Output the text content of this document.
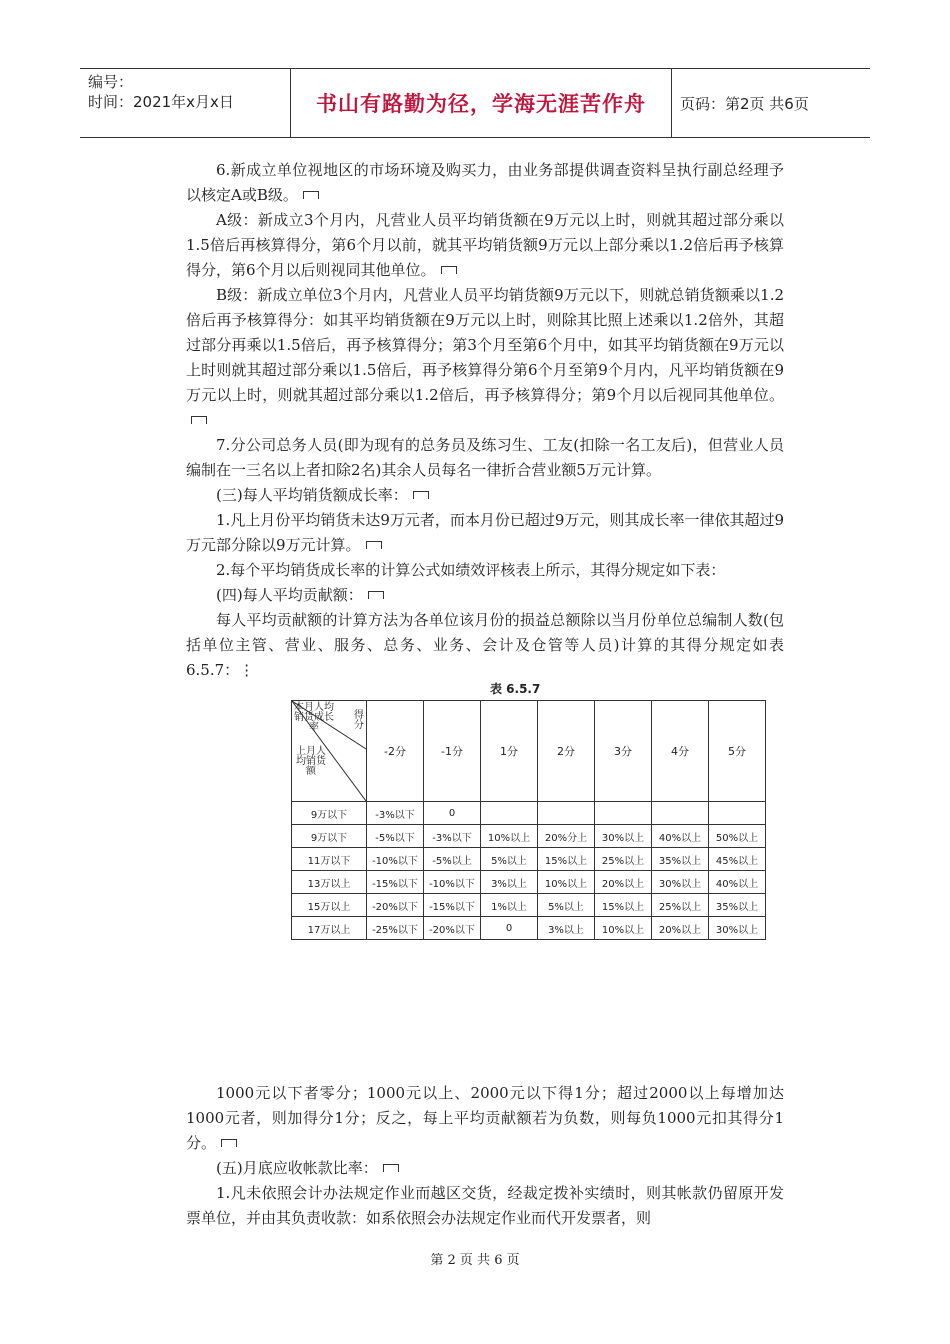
编号：
时间：2021年x月x日	书山有路勤为径，学海无涯苦作舟	页码：第2页 共6页

6.新成立单位视地区的市场环境及购买力，由业务部提供调查资料呈执行副总经理予以核定A或B级。

A级：新成立3个月内，凡营业人员平均销货额在9万元以上时，则就其超过部分乘以1.5倍后再核算得分，第6个月以前，就其平均销货额9万元以上部分乘以1.2倍后再予核算得分，第6个月以后则视同其他单位。

B级：新成立单位3个月内，凡营业人员平均销货额9万元以下，则就总销货额乘以1.2倍后再予核算得分：如其平均销货额在9万元以上时，则除其比照上述乘以1.2倍外，其超过部分再乘以1.5倍后，再予核算得分；第3个月至第6个月中，如其平均销货额在9万元以上时则就其超过部分乘以1.5倍后，再予核算得分第6个月至第9个月内，凡平均销货额在9万元以上时，则就其超过部分乘以1.2倍后，再予核算得分；第9个月以后视同其他单位。

7.分公司总务人员(即为现有的总务员及练习生、工友(扣除一名工友后)，但营业人员编制在一三名以上者扣除2名)其余人员每名一律折合营业额5万元计算。

(三)每人平均销货额成长率：

1.凡上月份平均销货未达9万元者，而本月份已超过9万元，则其成长率一律依其超过9万元部分除以9万元计算。

2.每个平均销货成长率的计算公式如绩效评核表上所示，其得分规定如下表：

(四)每人平均贡献额：

每人平均贡献额的计算方法为各单位该月份的损益总额除以当月份单位总编制人数(包括单位主管、营业、服务、总务、业务、会计及仓管等人员)计算的其得分规定如表6.5.7：⋮

表 6.5.7
本月人均销货成长率
得分
上月人均销货额	-2分	-1分	1分	2分	3分	4分	5分
9万以下	-3%以下	0					
9万以下	-5%以下	-3%以下	10%以上	20%分上	30%以上	40%以上	50%以上
11万以下	-10%以下	-5%以上	5%以上	15%以上	25%以上	35%以上	45%以上
13万以上	-15%以下	-10%以下	3%以上	10%以上	20%以上	30%以上	40%以上
15万以上	-20%以下	-15%以下	1%以上	5%以上	15%以上	25%以上	35%以上
17万以上	-25%以下	-20%以下	0	3%以上	10%以上	20%以上	30%以上

1000元以下者零分；1000元以上、2000元以下得1分；超过2000以上每增加达1000元者，则加得分1分；反之，每上平均贡献额若为负数，则每负1000元扣其得分1分。

(五)月底应收帐款比率：

1.凡未依照会计办法规定作业而越区交货，经裁定拨补实绩时，则其帐款仍留原开发票单位，并由其负责收款：如系依照会办法规定作业而代开发票者，则

第 2 页 共 6 页
